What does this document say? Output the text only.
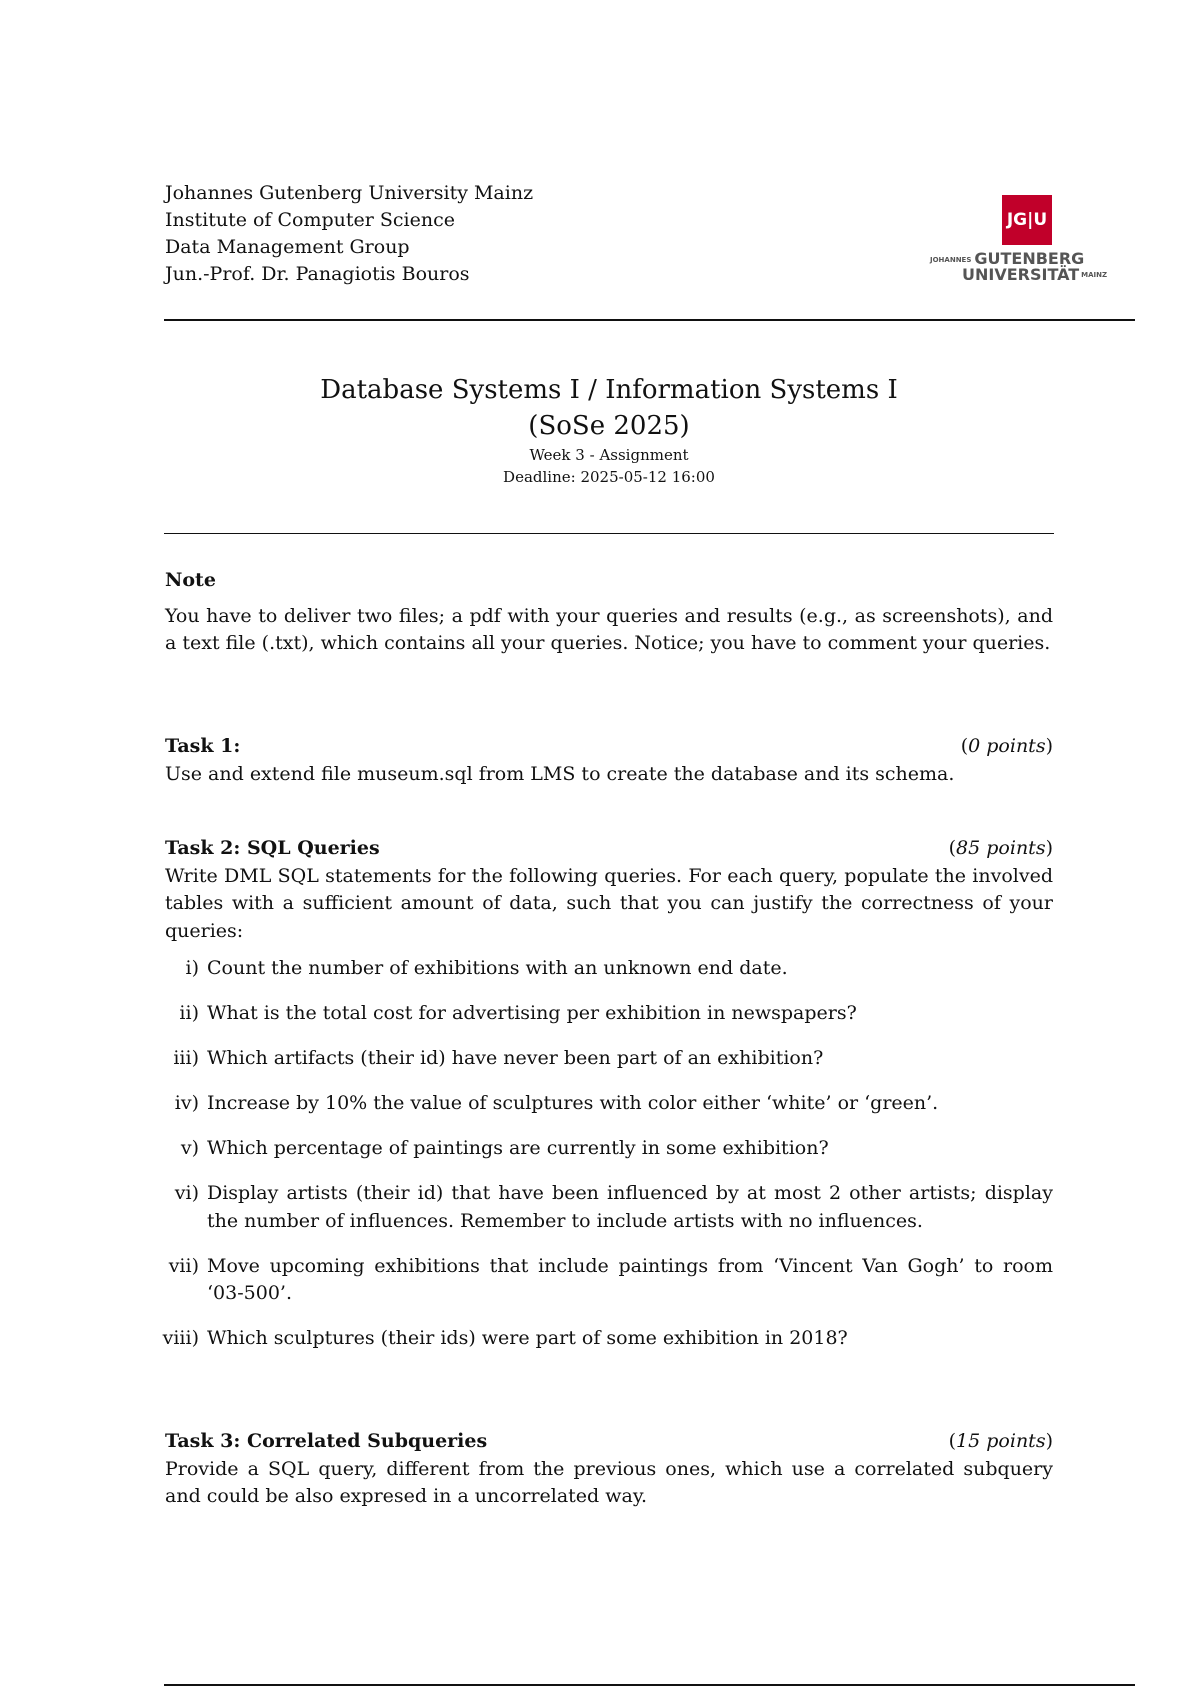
Johannes Gutenberg University Mainz
Institute of Computer Science
Data Management Group
Jun.-Prof. Dr. Panagiotis Bouros
JG|U
JOHANNES GUTENBERG
UNIVERSITÄT $^{MAINZ}$
Database Systems I / Information Systems I
(SoSe 2025)
Week 3 - Assignment
Deadline: 2025-05-12 16:00
Note
You have to deliver two files; a pdf with your queries and results (e.g., as screenshots), and a text file (.txt), which contains all your queries. Notice; you have to comment your queries.
Task 1:	(0 points)
Use and extend file museum.sql from LMS to create the database and its schema.
Task 2: SQL Queries	(85 points)
Write DML SQL statements for the following queries. For each query, populate the involved tables with a sufficient amount of data, such that you can justify the correctness of your queries:
i) Count the number of exhibitions with an unknown end date.
ii) What is the total cost for advertising per exhibition in newspapers?
iii) Which artifacts (their id) have never been part of an exhibition?
iv) Increase by 10% the value of sculptures with color either ‘white’ or ‘green’.
v) Which percentage of paintings are currently in some exhibition?
vi) Display artists (their id) that have been influenced by at most 2 other artists; display the number of influences. Remember to include artists with no influences.
vii) Move upcoming exhibitions that include paintings from ‘Vincent Van Gogh’ to room ‘03-500’.
viii) Which sculptures (their ids) were part of some exhibition in 2018?
Task 3: Correlated Subqueries	(15 points)
Provide a SQL query, different from the previous ones, which use a correlated subquery and could be also expresed in a uncorrelated way.
